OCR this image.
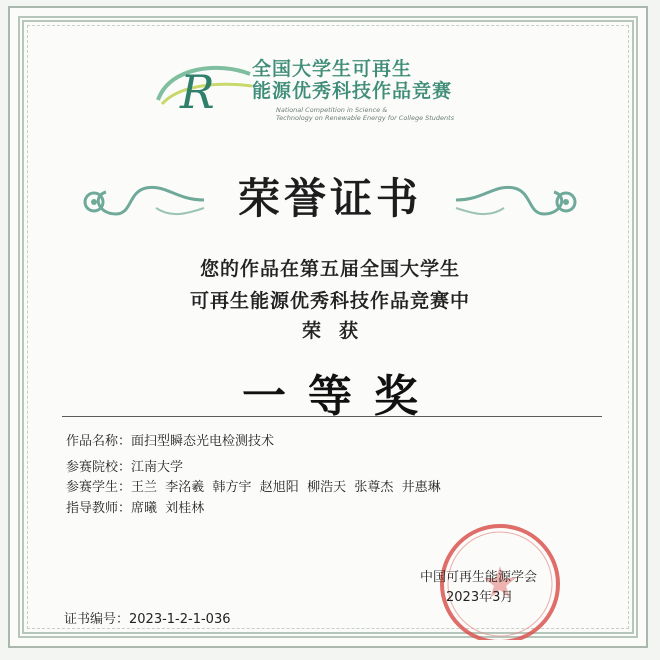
R 全国大学生可再生
能源优秀科技作品竞赛
National Competition in Science &
Technology on Renewable Energy for College Students
荣誉证书
您的作品在第五届全国大学生
可再生能源优秀科技作品竞赛中
荣获
一等奖
作品名称：面扫型瞬态光电检测技术
参赛院校：江南大学
参赛学生：王兰  李洺羲  韩方宇  赵旭阳  柳浩天  张尊杰  井惠琳
指导教师：席曦  刘桂林
中国可再生能源学会
2023年3月
证书编号：2023-1-2-1-036
